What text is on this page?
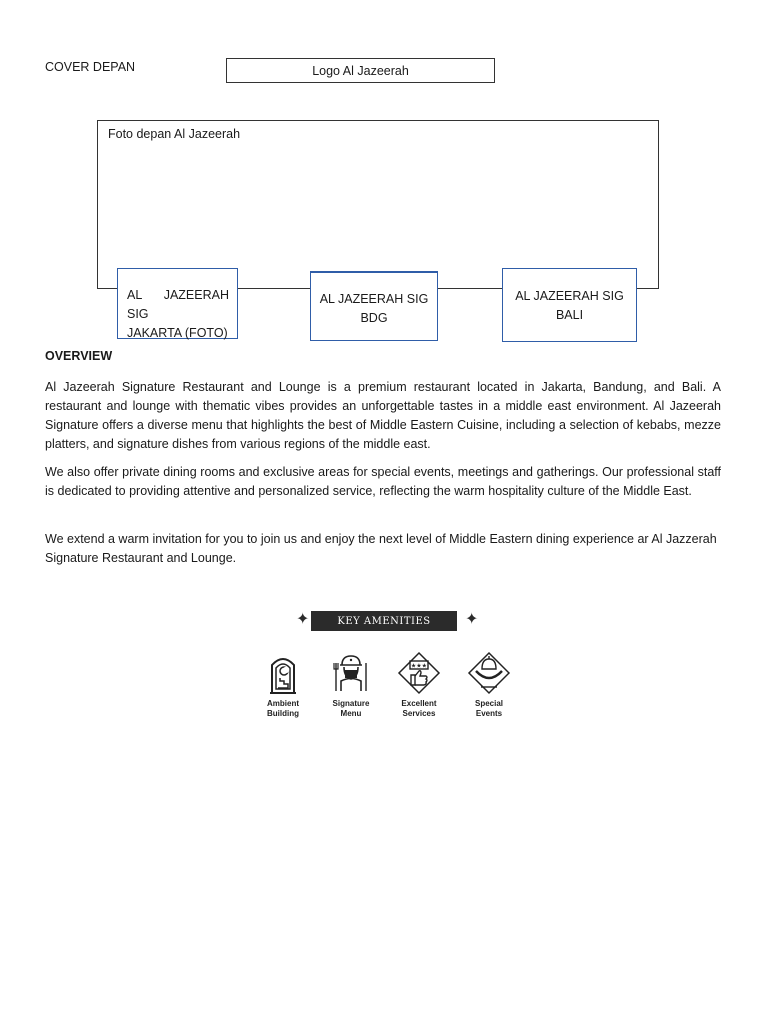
COVER DEPAN	Logo Al Jazeerah
Foto depan Al Jazeerah
AL JAZEERAH SIG
JAKARTA (FOTO)
AL JAZEERAH SIG
BDG
AL JAZEERAH SIG
BALI
OVERVIEW
Al Jazeerah Signature Restaurant and Lounge is a premium restaurant located in Jakarta, Bandung, and Bali. A restaurant and lounge with thematic vibes provides an unforgettable tastes in a middle east environment. Al Jazeerah Signature offers a diverse menu that highlights the best of Middle Eastern Cuisine, including a selection of kebabs, mezze platters, and signature dishes from various regions of the middle east.
We also offer private dining rooms and exclusive areas for special events, meetings and gatherings. Our professional staff is dedicated to providing attentive and personalized service, reflecting the warm hospitality culture of the Middle East.
We extend a warm invitation for you to join us and enjoy the next level of Middle Eastern dining experience ar Al Jazzerah Signature Restaurant and Lounge.
✦	KEY AMENITIES	✦
Ambient
Building
Signature
Menu
★★★
Excellent
Services
Special
Events
